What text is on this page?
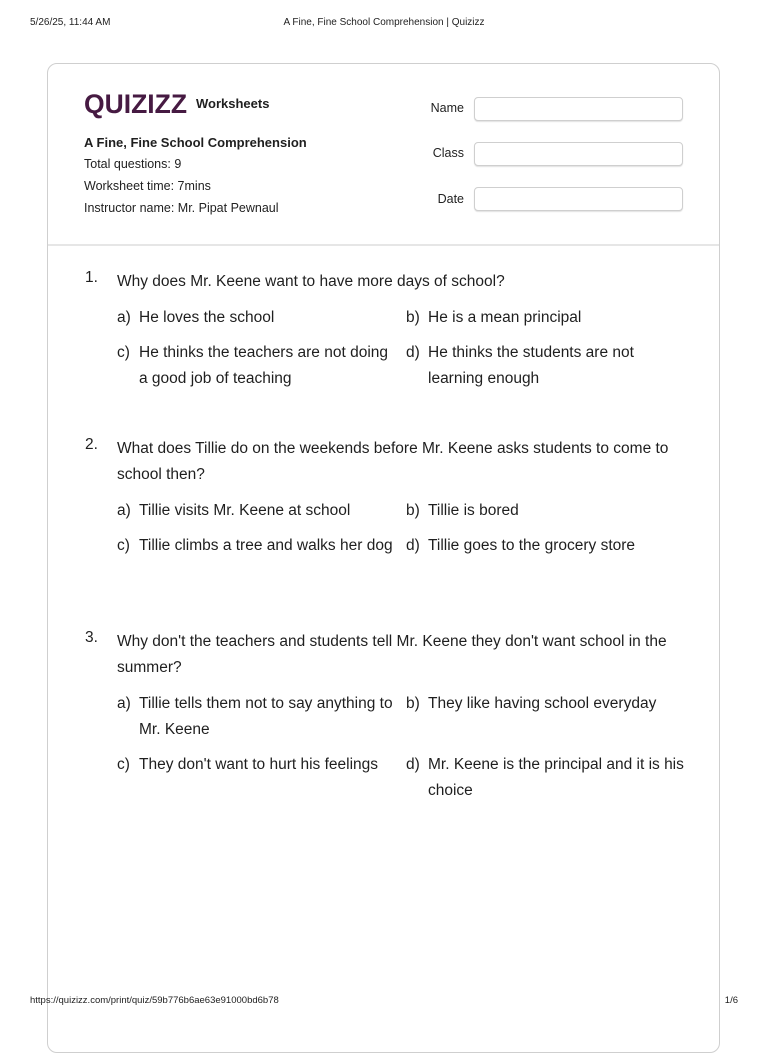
5/26/25, 11:44 AM	A Fine, Fine School Comprehension | Quizizz
QUIZIZZ Worksheets
A Fine, Fine School Comprehension
Total questions: 9
Worksheet time: 7mins
Instructor name: Mr. Pipat Pewnaul
Name
Class
Date
1.	Why does Mr. Keene want to have more days of school?
a) He loves the school	b) He is a mean principal
c) He thinks the teachers are not doing a good job of teaching
d) He thinks the students are not learning enough
2.	What does Tillie do on the weekends before Mr. Keene asks students to come to school then?
a) Tillie visits Mr. Keene at school	b) Tillie is bored
c) Tillie climbs a tree and walks her dog d) Tillie goes to the grocery store
3.	Why don't the teachers and students tell Mr. Keene they don't want school in the summer?
a) Tillie tells them not to say anything to Mr. Keene
b) They like having school everyday
c) They don't want to hurt his feelings	d) Mr. Keene is the principal and it is his choice
https://quizizz.com/print/quiz/59b776b6ae63e91000bd6b78	1/6
